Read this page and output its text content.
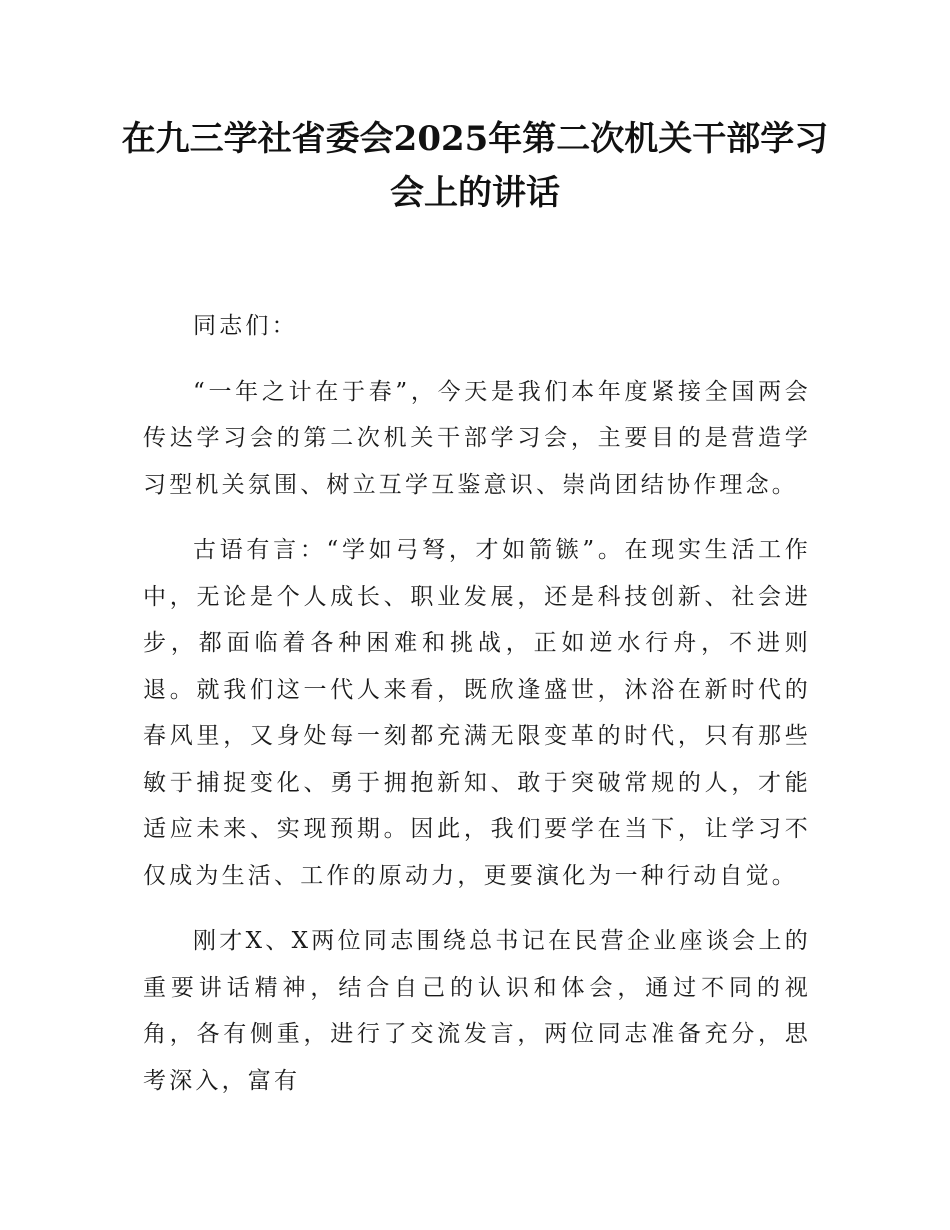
在九三学社省委会2025年第二次机关干部学习会上的讲话

同志们：

“一年之计在于春”，今天是我们本年度紧接全国两会传达学习会的第二次机关干部学习会，主要目的是营造学习型机关氛围、树立互学互鉴意识、崇尚团结协作理念。

古语有言：“学如弓弩，才如箭镞”。在现实生活工作中，无论是个人成长、职业发展，还是科技创新、社会进步，都面临着各种困难和挑战，正如逆水行舟，不进则退。就我们这一代人来看，既欣逢盛世，沐浴在新时代的春风里，又身处每一刻都充满无限变革的时代，只有那些敏于捕捉变化、勇于拥抱新知、敢于突破常规的人，才能适应未来、实现预期。因此，我们要学在当下，让学习不仅成为生活、工作的原动力，更要演化为一种行动自觉。

刚才X、X两位同志围绕总书记在民营企业座谈会上的重要讲话精神，结合自己的认识和体会，通过不同的视角，各有侧重，进行了交流发言，两位同志准备充分，思考深入，富有
